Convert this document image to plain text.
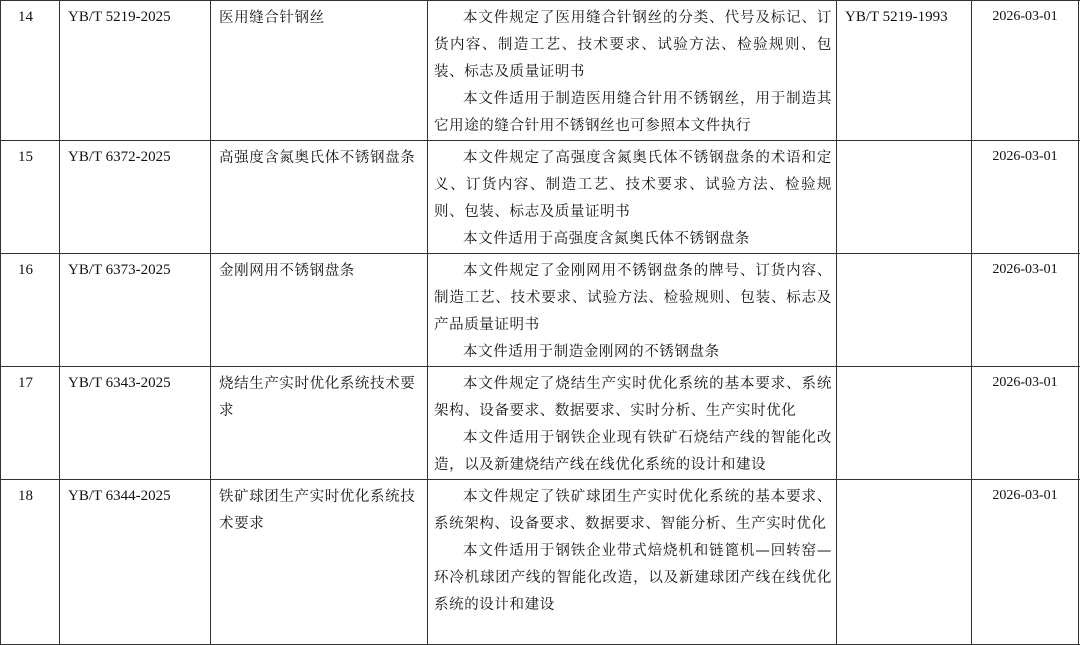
14	YB/T 5219-2025	医用缝合针钢丝	本文件规定了医用缝合针钢丝的分类、代号及标记、订货内容、制造工艺、技术要求、试验方法、检验规则、包装、标志及质量证明书

本文件适用于制造医用缝合针用不锈钢丝，用于制造其它用途的缝合针用不锈钢丝也可参照本文件执行	YB/T 5219-1993	2026-03-01	
15	YB/T 6372-2025	高强度含氮奥氏体不锈钢盘条	本文件规定了高强度含氮奥氏体不锈钢盘条的术语和定义、订货内容、制造工艺、技术要求、试验方法、检验规则、包装、标志及质量证明书

本文件适用于高强度含氮奥氏体不锈钢盘条		2026-03-01	
16	YB/T 6373-2025	金刚网用不锈钢盘条	本文件规定了金刚网用不锈钢盘条的牌号、订货内容、制造工艺、技术要求、试验方法、检验规则、包装、标志及产品质量证明书

本文件适用于制造金刚网的不锈钢盘条		2026-03-01	
17	YB/T 6343-2025	烧结生产实时优化系统技术要求	本文件规定了烧结生产实时优化系统的基本要求、系统架构、设备要求、数据要求、实时分析、生产实时优化

本文件适用于钢铁企业现有铁矿石烧结产线的智能化改造，以及新建烧结产线在线优化系统的设计和建设		2026-03-01	
18	YB/T 6344-2025	铁矿球团生产实时优化系统技术要求	本文件规定了铁矿球团生产实时优化系统的基本要求、系统架构、设备要求、数据要求、智能分析、生产实时优化

本文件适用于钢铁企业带式焙烧机和链篦机—回转窑—环冷机球团产线的智能化改造，以及新建球团产线在线优化系统的设计和建设		2026-03-01	
